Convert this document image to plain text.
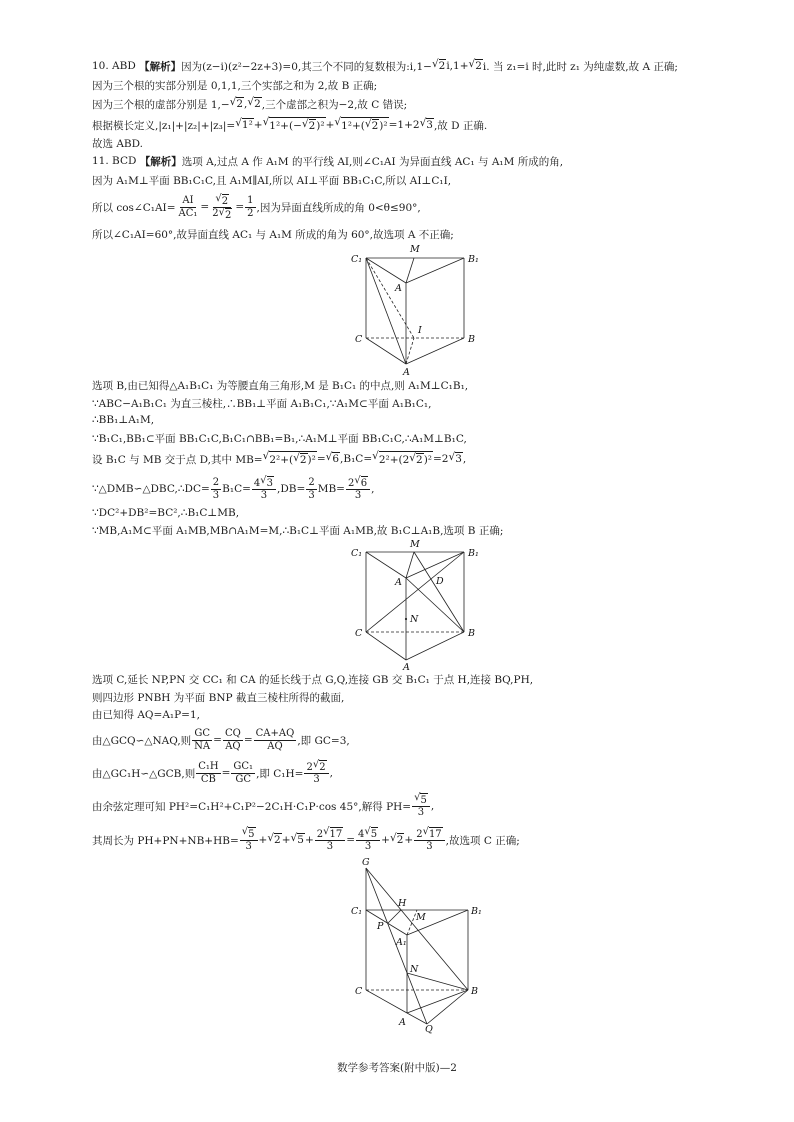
10. ABD 【解析】 因为(z−i)(z²−2z+3)=0,其三个不同的复数根为:i,1−
√ 2 i,1+
√ 2 i. 当 z₁=i 时,此时 z₁ 为纯虚数,故 A 正确;
因为三个根的实部分别是 0,1,1,三个实部之和为 2,故 B 正确;
因为三个根的虚部分别是 1,−
√ 2 ,
√ 2 ,三个虚部之积为−2,故 C 错误;
根据模长定义,|z₁|+|z₂|+|z₃|=
√ 1² +
√ 1²+(−
√ 2 )² +
√ 1²+(
√ 2 )² =1+2
√ 3 ,故 D 正确.
故选 ABD.
11. BCD 【解析】 选项 A,过点 A 作 A₁M 的平行线 AI,则∠C₁AI 为异面直线 AC₁ 与 A₁M 所成的角,
因为 A₁M⊥平面 BB₁C₁C,且 A₁M∥AI,所以 AI⊥平面 BB₁C₁C,所以 AI⊥C₁I,
所以 cos∠C₁AI= $\frac{AI}{\text{AC₁}}$ =
√ 2
2
√ $2 = \frac{1}{2}$ ,因为异面直线所成的角 0<θ≤90°,
所以∠C₁AI=60°,故异面直线 AC₁ 与 A₁M 所成的角为 60°,故选项 A 不正确;
C₁
M
B₁
A
I
C	B
A
选项 B,由已知得△A₁B₁C₁ 为等腰直角三角形,M 是 B₁C₁ 的中点,则 A₁M⊥C₁B₁,
∵ABC−A₁B₁C₁ 为直三棱柱,∴BB₁⊥平面 A₁B₁C₁,∵A₁M⊂平面 A₁B₁C₁,
∴BB₁⊥A₁M,
∵B₁C₁,BB₁⊂平面 BB₁C₁C,B₁C₁∩BB₁=B₁,∴A₁M⊥平面 BB₁C₁C,∴A₁M⊥B₁C,
设 B₁C 与 MB 交于点 D,其中 MB=
√ 2²+(
√ 2 )² =
√ 6 ,B₁C=
√ 2²+(2
√ 2 )² =2
√ 3 ,
∵△DMB∽△DBC,∴DC= $\frac{2}{3} B_1C= 4$
√ 3
3 $,DB= \frac{2}{3} MB= 2$
√ 6
3 ,
∵DC²+DB²=BC²,∴B₁C⊥MB,
∵MB,A₁M⊂平面 A₁MB,MB∩A₁M=M,∴B₁C⊥平面 A₁MB,故 B₁C⊥A₁B,选项 B 正确;
C₁
M
B₁
A	D
N
C	B
A
选项 C,延长 NP,PN 交 CC₁ 和 CA 的延长线于点 G,Q,连接 GB 交 B₁C₁ 于点 H,连接 BQ,PH,
则四边形 PNBH 为平面 BNP 截直三棱柱所得的截面,
由已知得 AQ=A₁P=1,
由△GCQ∽△NAQ,则 $\frac{GC}{NA} = \frac{CQ}{AQ} = \frac{CA+AQ}{AQ}$ ,即 GC=3,
由△GC₁H∽△GCB,则 $\frac{\text{C₁H}}{CB} = \frac{\text{GC₁}}{GC}$ ,即 C₁H= 2
√ 2
3 ,
由余弦定理可知 PH²=C₁H²+C₁P²−2C₁H·C₁P·cos 45°,解得 PH=
√ $\frac{5}{3}$ ,
其周长为 PH+PN+NB+HB=
√ $\frac{5}{3}$ +
√ 2 +
√ 5 + 2
√ 17
3 = 4
√ 5
3 +
√ 2 + 2
√ 17
3 ,故选项 C 正确;
G
C₁
H
M
B₁
P
A₁
N
C	B
A
Q
数学参考答案(附中版)—2
